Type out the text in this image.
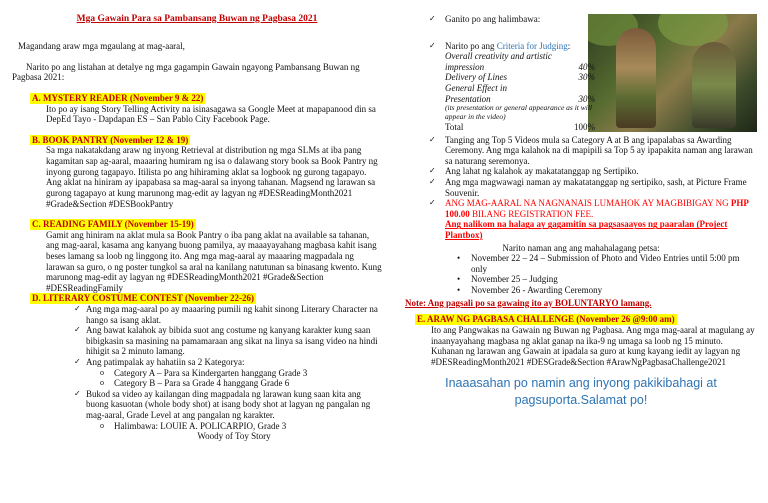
Mga Gawain Para sa Pambansang Buwan ng Pagbasa 2021

Magandang araw mga mgaulang at mag-aaral,

Narito po ang listahan at detalye ng mga gagampin Gawain ngayong Pambansang Buwan ng Pagbasa 2021:

A. MYSTERY READER (November 9 & 22)

Ito po ay isang Story Telling Activity na isinasagawa sa Google Meet at mapapanood din sa DepEd Tayo - Dapdapan ES – San Pablo City Facebook Page.

B. BOOK PANTRY (November 12 & 19)

Sa mga nakatakdang araw ng inyong Retrieval at distribution ng mga SLMs at iba pang kagamitan sap ag-aaral, maaaring humiram ng isa o dalawang story book sa Book Pantry ng inyong gurong tagapayo. Itilista po ang hihiraming aklat sa logbook ng gurong tagapayo. Ang aklat na hiniram ay ipapabasa sa mag-aaral sa inyong tahanan. Magsend ng larawan sa gurong tagapayo at kung marunong mag-edit ay lagyan ng #DESReadingMonth2021 #Grade&Section #DESBookPantry

C. READING FAMILY (November 15-19)

Gamit ang hiniram na aklat mula sa Book Pantry o iba pang aklat na available sa tahanan, ang mag-aaral, kasama ang kanyang buong pamilya, ay maaayayahang magbasa kahit isang beses lamang sa loob ng linggong ito. Ang mga mag-aaral ay maaaring magpadala ng larawan sa guro, o ng poster tungkol sa aral na kanilang natutunan sa binasang kwento. Kung marunong mag-edit ay lagyan ng #DESReadingMonth2021 #Grade&Section #DESReadingFamily

D. LITERARY COSTUME CONTEST (November 22-26)
✓ Ang mga mag-aaral po ay maaaring pumili ng kahit sinong Literary Character na hango sa isang aklat.
✓ Ang bawat kalahok ay bibida suot ang costume ng kanyang karakter kung saan bibigkasin sa masining na pamamaraan ang sikat na linya sa isang video na hindi hihigit sa 2 minuto lamang.
✓ Ang patimpalak ay hahatiin sa 2 Kategorya:
o Category A – Para sa Kindergarten hanggang Grade 3
o Category B – Para sa Grade 4 hanggang Grade 6
✓ Bukod sa video ay kailangan ding magpadala ng larawan kung saan kita ang buong kasuotan (whole body shot) at isang body shot at lagyan ng pangalan ng mag-aaral, Grade Level at ang pangalan ng karakter.
o Halimbawa: LOUIE A. POLICARPIO, Grade 3

Woody of Toy Story

✓ Ganito po ang halimbawa:

✓ Narito po ang Criteria for Judging:

Overall creativity and artistic impression	40%
Delivery of Lines	30%
General Effect in Presentation	30%

(its presentation or general appearance as it will appear in the video)

Total	100%

✓ Tanging ang Top 5 Videos mula sa Category A at B ang ipapalabas sa Awarding Ceremony. Ang mga kalahok na di mapipili sa Top 5 ay ipapakita naman ang larawan sa naturang seremonya.

✓ Ang lahat ng kalahok ay makatatanggap ng Sertipiko.

✓ Ang mga magwawagi naman ay makatatanggap ng sertipiko, sash, at Picture Frame Souvenir.

✓ ANG MAG-AARAL NA NAGNANAIS LUMAHOK AY MAGBIBIGAY NG PHP 100.00 BILANG REGISTRATION FEE.
Ang nalikom na halaga ay gagamitin sa pagsasaayos ng paaralan (Project Plantbox)

Narito naman ang ang mahahalagang petsa:

• November 22 – 24 – Submission of Photo and Video Entries until 5:00 pm only

• November 25 – Judging

• November 26 - Awarding Ceremony

Note: Ang pagsali po sa gawaing ito ay BOLUNTARYO lamang.

E. ARAW NG PAGBASA CHALLENGE (November 26 @9:00 am)

Ito ang Pangwakas na Gawain ng Buwan ng Pagbasa. Ang mga mag-aaral at magulang ay inaanyayahang magbasa ng aklat ganap na ika-9 ng umaga sa loob ng 15 minuto. Kuhanan ng larawan ang Gawain at ipadala sa guro at kung kayang iedit ay lagyan ng #DESReadingMonth2021 #DESGrade&Section #ArawNgPagbasaChallenge2021

Inaaasahan po namin ang inyong pakikibahagi at pagsuporta.Salamat po!
